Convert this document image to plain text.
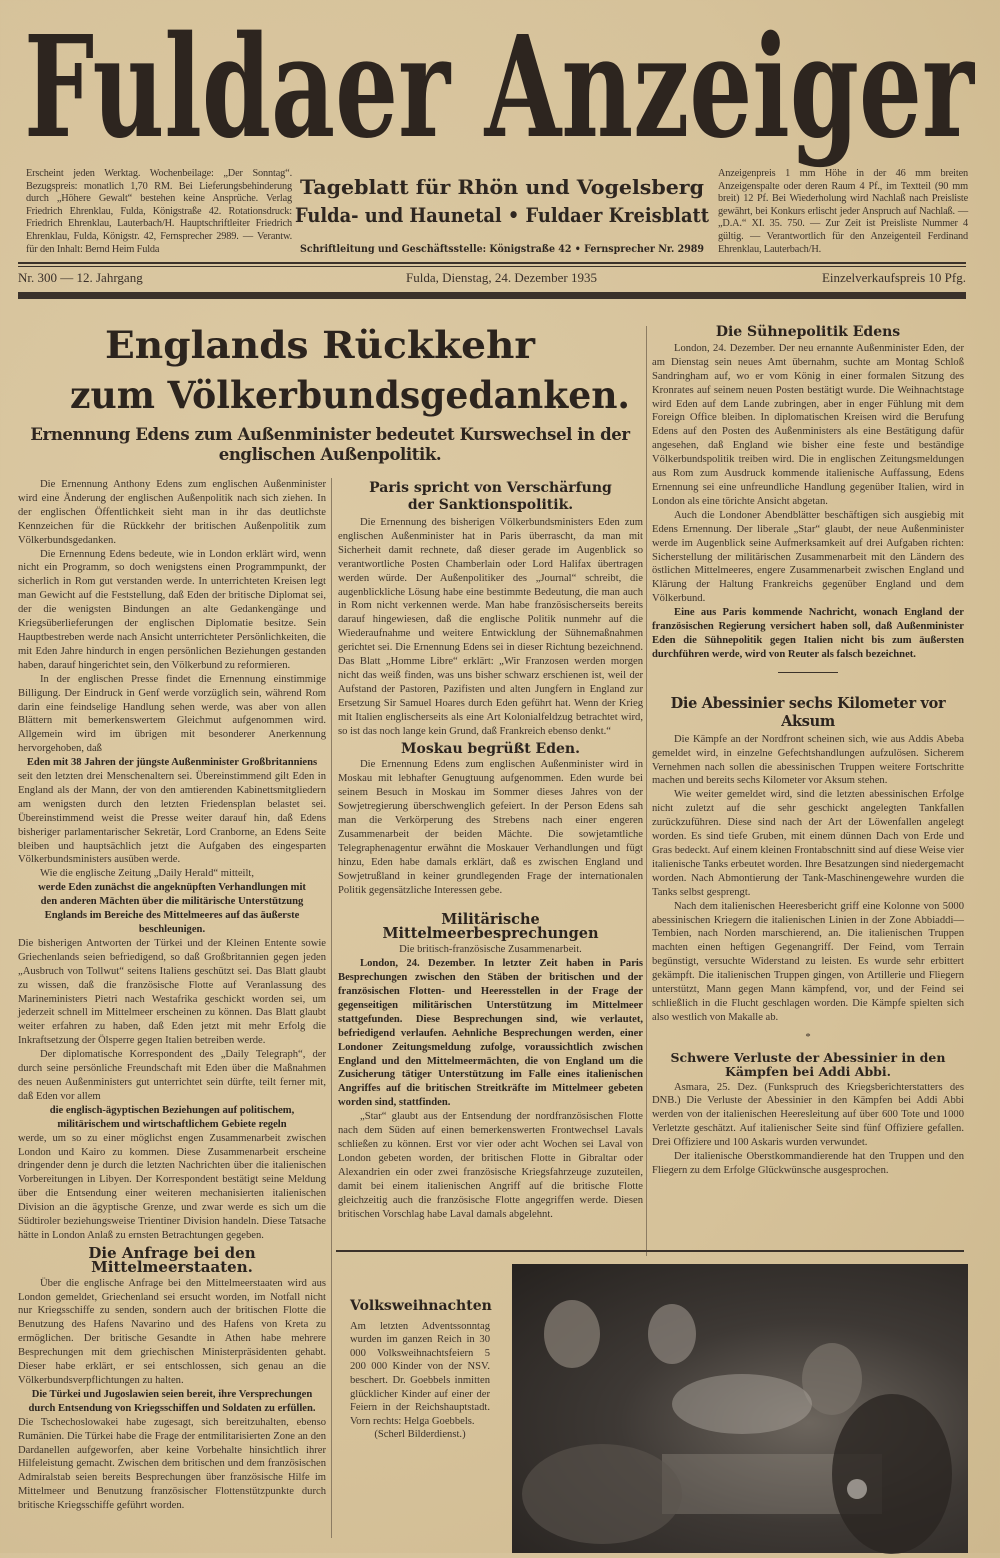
Fuldaer Anzeiger
Erscheint jeden Werktag. Wochenbeilage: „Der Sonntag“. Bezugspreis: monatlich 1,70 RM. Bei Lieferungsbehinderung durch „Höhere Gewalt“ bestehen keine Ansprüche. Verlag Friedrich Ehrenklau, Fulda, Königstraße 42. Rotationsdruck: Friedrich Ehrenklau, Lauterbach/H. Hauptschriftleiter Friedrich Ehrenklau, Fulda, Königstr. 42, Fernsprecher 2989. — Verantw. für den Inhalt: Bernd Heim Fulda
Tageblatt für Rhön und Vogelsberg
Fulda- und Haunetal • Fuldaer Kreisblatt
Schriftleitung und Geschäftsstelle: Königstraße 42 • Fernsprecher Nr. 2989
Anzeigenpreis 1 mm Höhe in der 46 mm breiten Anzeigenspalte oder deren Raum 4 Pf., im Textteil (90 mm breit) 12 Pf. Bei Wiederholung wird Nachlaß nach Preisliste gewährt, bei Konkurs erlischt jeder Anspruch auf Nachlaß. — „D.A.“ XI. 35. 750. — Zur Zeit ist Preisliste Nummer 4 gültig. — Verantwortlich für den Anzeigenteil Ferdinand Ehrenklau, Lauterbach/H.
Nr. 300 — 12. Jahrgang	Fulda, Dienstag, 24. Dezember 1935	Einzelverkaufspreis 10 Pfg.
Englands Rückkehr
zum Völkerbundsgedanken.
Ernennung Edens zum Außenminister bedeutet Kurswechsel in der englischen Außenpolitik.

Die Ernennung Anthony Edens zum englischen Außenminister wird eine Änderung der englischen Außenpolitik nach sich ziehen. In der englischen Öffentlichkeit sieht man in ihr das deutlichste Kennzeichen für die Rückkehr der britischen Außenpolitik zum Völkerbundsgedanken.

Die Ernennung Edens bedeute, wie in London erklärt wird, wenn nicht ein Programm, so doch wenigstens einen Programmpunkt, der sicherlich in Rom gut verstanden werde. In unterrichteten Kreisen legt man Gewicht auf die Feststellung, daß Eden der britische Diplomat sei, der die wenigsten Bindungen an alte Gedankengänge und Kriegsüberlieferungen der englischen Diplomatie besitze. Sein Hauptbestreben werde nach Ansicht unterrichteter Persönlichkeiten, die mit Eden Jahre hindurch in engen persönlichen Beziehungen gestanden haben, darauf hingerichtet sein, den Völkerbund zu reformieren.

In der englischen Presse findet die Ernennung einstimmige Billigung. Der Eindruck in Genf werde vorzüglich sein, während Rom darin eine feindselige Handlung sehen werde, was aber von allen Blättern mit bemerkenswertem Gleichmut aufgenommen wird. Allgemein wird im übrigen mit besonderer Anerkennung hervorgehoben, daß

Eden mit 38 Jahren der jüngste Außenminister Großbritanniens

seit den letzten drei Menschenaltern sei. Übereinstimmend gilt Eden in England als der Mann, der von den amtierenden Kabinettsmitgliedern am wenigsten durch den letzten Friedensplan belastet sei. Übereinstimmend weist die Presse weiter darauf hin, daß Edens bisheriger parlamentarischer Sekretär, Lord Cranborne, an Edens Seite bleiben und hauptsächlich jetzt die Aufgaben des eingesparten Völkerbundsministers ausüben werde.

Wie die englische Zeitung „Daily Herald“ mitteilt,

werde Eden zunächst die angeknüpften Verhandlungen mit den anderen Mächten über die militärische Unterstützung Englands im Bereiche des Mittelmeeres auf das äußerste beschleunigen.

Die bisherigen Antworten der Türkei und der Kleinen Entente sowie Griechenlands seien befriedigend, so daß Großbritannien gegen jeden „Ausbruch von Tollwut“ seitens Italiens geschützt sei. Das Blatt glaubt zu wissen, daß die französische Flotte auf Veranlassung des Marineministers Pietri nach Westafrika geschickt worden sei, um jederzeit schnell im Mittelmeer erscheinen zu können. Das Blatt glaubt weiter erfahren zu haben, daß Eden jetzt mit mehr Erfolg die Inkraftsetzung der Ölsperre gegen Italien betreiben werde.

Der diplomatische Korrespondent des „Daily Telegraph“, der durch seine persönliche Freundschaft mit Eden über die Maßnahmen des neuen Außenministers gut unterrichtet sein dürfte, teilt ferner mit, daß Eden vor allem

die englisch-ägyptischen Beziehungen auf politischem, militärischem und wirtschaftlichem Gebiete regeln

werde, um so zu einer möglichst engen Zusammenarbeit zwischen London und Kairo zu kommen. Diese Zusammenarbeit erscheine dringender denn je durch die letzten Nachrichten über die italienischen Vorbereitungen in Libyen. Der Korrespondent bestätigt seine Meldung über die Entsendung einer weiteren mechanisierten italienischen Division an die ägyptische Grenze, und zwar werde es sich um die Südtiroler beziehungsweise Trientiner Division handeln. Diese Tatsache hätte in London Anlaß zu ernsten Betrachtungen gegeben.

Die Anfrage bei den Mittelmeerstaaten.

Über die englische Anfrage bei den Mittelmeerstaaten wird aus London gemeldet, Griechenland sei ersucht worden, im Notfall nicht nur Kriegsschiffe zu senden, sondern auch der britischen Flotte die Benutzung des Hafens Navarino und des Hafens von Kreta zu ermöglichen. Der britische Gesandte in Athen habe mehrere Besprechungen mit dem griechischen Ministerpräsidenten gehabt. Dieser habe erklärt, er sei entschlossen, sich genau an die Völkerbundsverpflichtungen zu halten.

Die Türkei und Jugoslawien seien bereit, ihre Versprechungen durch Entsendung von Kriegsschiffen und Soldaten zu erfüllen.

Die Tschechoslowakei habe zugesagt, sich bereitzuhalten, ebenso Rumänien. Die Türkei habe die Frage der entmilitarisierten Zone an den Dardanellen aufgeworfen, aber keine Vorbehalte hinsichtlich ihrer Hilfeleistung gemacht. Zwischen dem britischen und dem französischen Admiralstab seien bereits Besprechungen über französische Hilfe im Mittelmeer und Benutzung französischer Flottenstützpunkte durch britische Kriegsschiffe geführt worden.

Paris spricht von Verschärfung
der Sanktionspolitik.

Die Ernennung des bisherigen Völkerbundsministers Eden zum englischen Außenminister hat in Paris überrascht, da man mit Sicherheit damit rechnete, daß dieser gerade im Augenblick so verantwortliche Posten Chamberlain oder Lord Halifax übertragen werden würde. Der Außenpolitiker des „Journal“ schreibt, die augenblickliche Lösung habe eine bestimmte Bedeutung, die man auch in Rom nicht verkennen werde. Man habe französischerseits bereits darauf hingewiesen, daß die englische Politik nunmehr auf die Wiederaufnahme und weitere Entwicklung der Sühnemaßnahmen gerichtet sei. Die Ernennung Edens sei in dieser Richtung bezeichnend. Das Blatt „Homme Libre“ erklärt: „Wir Franzosen werden morgen nicht das weiß finden, was uns bisher schwarz erschienen ist, weil der Aufstand der Pastoren, Pazifisten und alten Jungfern in England zur Ersetzung Sir Samuel Hoares durch Eden geführt hat. Wenn der Krieg mit Italien englischerseits als eine Art Kolonialfeldzug betrachtet wird, so ist das noch lange kein Grund, daß Frankreich ebenso denkt.“

Moskau begrüßt Eden.

Die Ernennung Edens zum englischen Außenminister wird in Moskau mit lebhafter Genugtuung aufgenommen. Eden wurde bei seinem Besuch in Moskau im Sommer dieses Jahres von der Sowjetregierung überschwenglich gefeiert. In der Person Edens sah man die Verkörperung des Strebens nach einer engeren Zusammenarbeit der beiden Mächte. Die sowjetamtliche Telegraphenagentur erwähnt die Moskauer Verhandlungen und fügt hinzu, Eden habe damals erklärt, daß es zwischen England und Sowjetrußland in keiner grundlegenden Frage der internationalen Politik gegensätzliche Interessen gebe.

Militärische Mittelmeerbesprechungen

Die britisch-französische Zusammenarbeit.

London, 24. Dezember. In letzter Zeit haben in Paris Besprechungen zwischen den Stäben der britischen und der französischen Flotten- und Heeresstellen in der Frage der gegenseitigen militärischen Unterstützung im Mittelmeer stattgefunden. Diese Besprechungen sind, wie verlautet, befriedigend verlaufen. Aehnliche Besprechungen werden, einer Londoner Zeitungsmeldung zufolge, voraussichtlich zwischen England und den Mittelmeermächten, die von England um die Zusicherung tätiger Unterstützung im Falle eines italienischen Angriffes auf die britischen Streitkräfte im Mittelmeer gebeten worden sind, stattfinden.

„Star“ glaubt aus der Entsendung der nordfranzösischen Flotte nach dem Süden auf einen bemerkenswerten Frontwechsel Lavals schließen zu können. Erst vor vier oder acht Wochen sei Laval von London gebeten worden, der britischen Flotte in Gibraltar oder Alexandrien ein oder zwei französische Kriegsfahrzeuge zuzuteilen, damit bei einem italienischen Angriff auf die britische Flotte gleichzeitig auch die französische Flotte angegriffen werde. Diesen britischen Vorschlag habe Laval damals abgelehnt.

Die Sühnepolitik Edens

London, 24. Dezember. Der neu ernannte Außenminister Eden, der am Dienstag sein neues Amt übernahm, suchte am Montag Schloß Sandringham auf, wo er vom König in einer formalen Sitzung des Kronrates auf seinem neuen Posten bestätigt wurde. Die Weihnachtstage wird Eden auf dem Lande zubringen, aber in enger Fühlung mit dem Foreign Office bleiben. In diplomatischen Kreisen wird die Berufung Edens auf den Posten des Außenministers als eine Bestätigung dafür angesehen, daß England wie bisher eine feste und beständige Völkerbundspolitik treiben wird. Die in englischen Zeitungsmeldungen aus Rom zum Ausdruck kommende italienische Auffassung, Edens Ernennung sei eine unfreundliche Handlung gegenüber Italien, wird in London als eine törichte Ansicht abgetan.

Auch die Londoner Abendblätter beschäftigen sich ausgiebig mit Edens Ernennung. Der liberale „Star“ glaubt, der neue Außenminister werde im Augenblick seine Aufmerksamkeit auf drei Aufgaben richten: Sicherstellung der militärischen Zusammenarbeit mit den Ländern des östlichen Mittelmeeres, engere Zusammenarbeit zwischen England und Klärung der Haltung Frankreichs gegenüber England und dem Völkerbund.

Eine aus Paris kommende Nachricht, wonach England der französischen Regierung versichert haben soll, daß Außenminister Eden die Sühnepolitik gegen Italien nicht bis zum äußersten durchführen werde, wird von Reuter als falsch bezeichnet.

Die Abessinier sechs Kilometer vor Aksum

Die Kämpfe an der Nordfront scheinen sich, wie aus Addis Abeba gemeldet wird, in einzelne Gefechtshandlungen aufzulösen. Sicherem Vernehmen nach sollen die abessinischen Truppen weitere Fortschritte machen und bereits sechs Kilometer vor Aksum stehen.

Wie weiter gemeldet wird, sind die letzten abessinischen Erfolge nicht zuletzt auf die sehr geschickt angelegten Tankfallen zurückzuführen. Diese sind nach der Art der Löwenfallen angelegt worden. Es sind tiefe Gruben, mit einem dünnen Dach von Erde und Gras bedeckt. Auf einem kleinen Frontabschnitt sind auf diese Weise vier italienische Tanks erbeutet worden. Ihre Besatzungen sind niedergemacht worden. Nach Abmontierung der Tank-Maschinengewehre wurden die Tanks selbst gesprengt.

Nach dem italienischen Heeresbericht griff eine Kolonne von 5000 abessinischen Kriegern die italienischen Linien in der Zone Abbiaddi—Tembien, nach Norden marschierend, an. Die italienischen Truppen machten einen heftigen Gegenangriff. Der Feind, vom Terrain begünstigt, versuchte Widerstand zu leisten. Es wurde sehr erbittert gekämpft. Die italienischen Truppen gingen, von Artillerie und Fliegern unterstützt, Mann gegen Mann kämpfend, vor, und der Feind sei schließlich in die Flucht geschlagen worden. Die Kämpfe spielten sich also westlich von Makalle ab.

*

Schwere Verluste der Abessinier in den Kämpfen bei Addi Abbi.

Asmara, 25. Dez. (Funkspruch des Kriegsberichterstatters des DNB.) Die Verluste der Abessinier in den Kämpfen bei Addi Abbi werden von der italienischen Heeresleitung auf über 600 Tote und 1000 Verletzte geschätzt. Auf italienischer Seite sind fünf Offiziere gefallen. Drei Offiziere und 100 Askaris wurden verwundet.

Der italienische Oberstkommandierende hat den Truppen und den Fliegern zu dem Erfolge Glückwünsche ausgesprochen.

Volksweihnachten
Am letzten Adventssonntag wurden im ganzen Reich in 30 000 Volksweihnachtsfeiern 5 200 000 Kinder von der NSV. beschert. Dr. Goebbels inmitten glücklicher Kinder auf einer der Feiern in der Reichshauptstadt. Vorn rechts: Helga Goebbels.
(Scherl Bilderdienst.)
